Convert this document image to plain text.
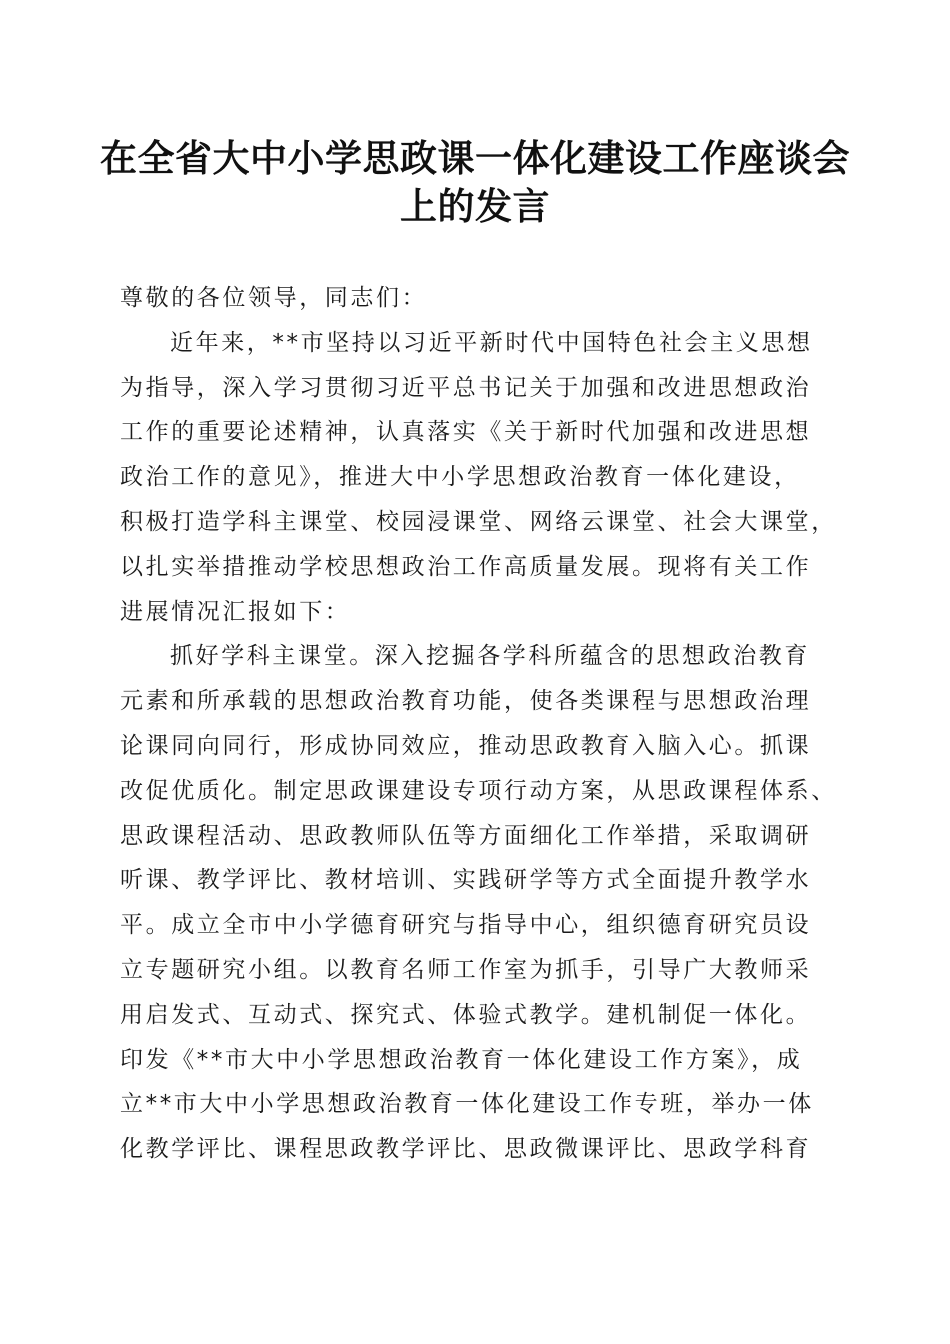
在全省大中小学思政课一体化建设工作座谈会
上的发言
尊敬的各位领导，同志们：
近年来，**市坚持以习近平新时代中国特色社会主义思想
为指导，深入学习贯彻习近平总书记关于加强和改进思想政治
工作的重要论述精神，认真落实《关于新时代加强和改进思想
政治工作的意见》，推进大中小学思想政治教育一体化建设，
积极打造学科主课堂、校园浸课堂、网络云课堂、社会大课堂，
以扎实举措推动学校思想政治工作高质量发展。现将有关工作
进展情况汇报如下：
抓好学科主课堂。深入挖掘各学科所蕴含的思想政治教育
元素和所承载的思想政治教育功能，使各类课程与思想政治理
论课同向同行，形成协同效应，推动思政教育入脑入心。抓课
改促优质化。制定思政课建设专项行动方案，从思政课程体系、
思政课程活动、思政教师队伍等方面细化工作举措，采取调研
听课、教学评比、教材培训、实践研学等方式全面提升教学水
平。成立全市中小学德育研究与指导中心，组织德育研究员设
立专题研究小组。以教育名师工作室为抓手，引导广大教师采
用启发式、互动式、探究式、体验式教学。建机制促一体化。
印发《**市大中小学思想政治教育一体化建设工作方案》，成
立**市大中小学思想政治教育一体化建设工作专班，举办一体
化教学评比、课程思政教学评比、思政微课评比、思政学科育
